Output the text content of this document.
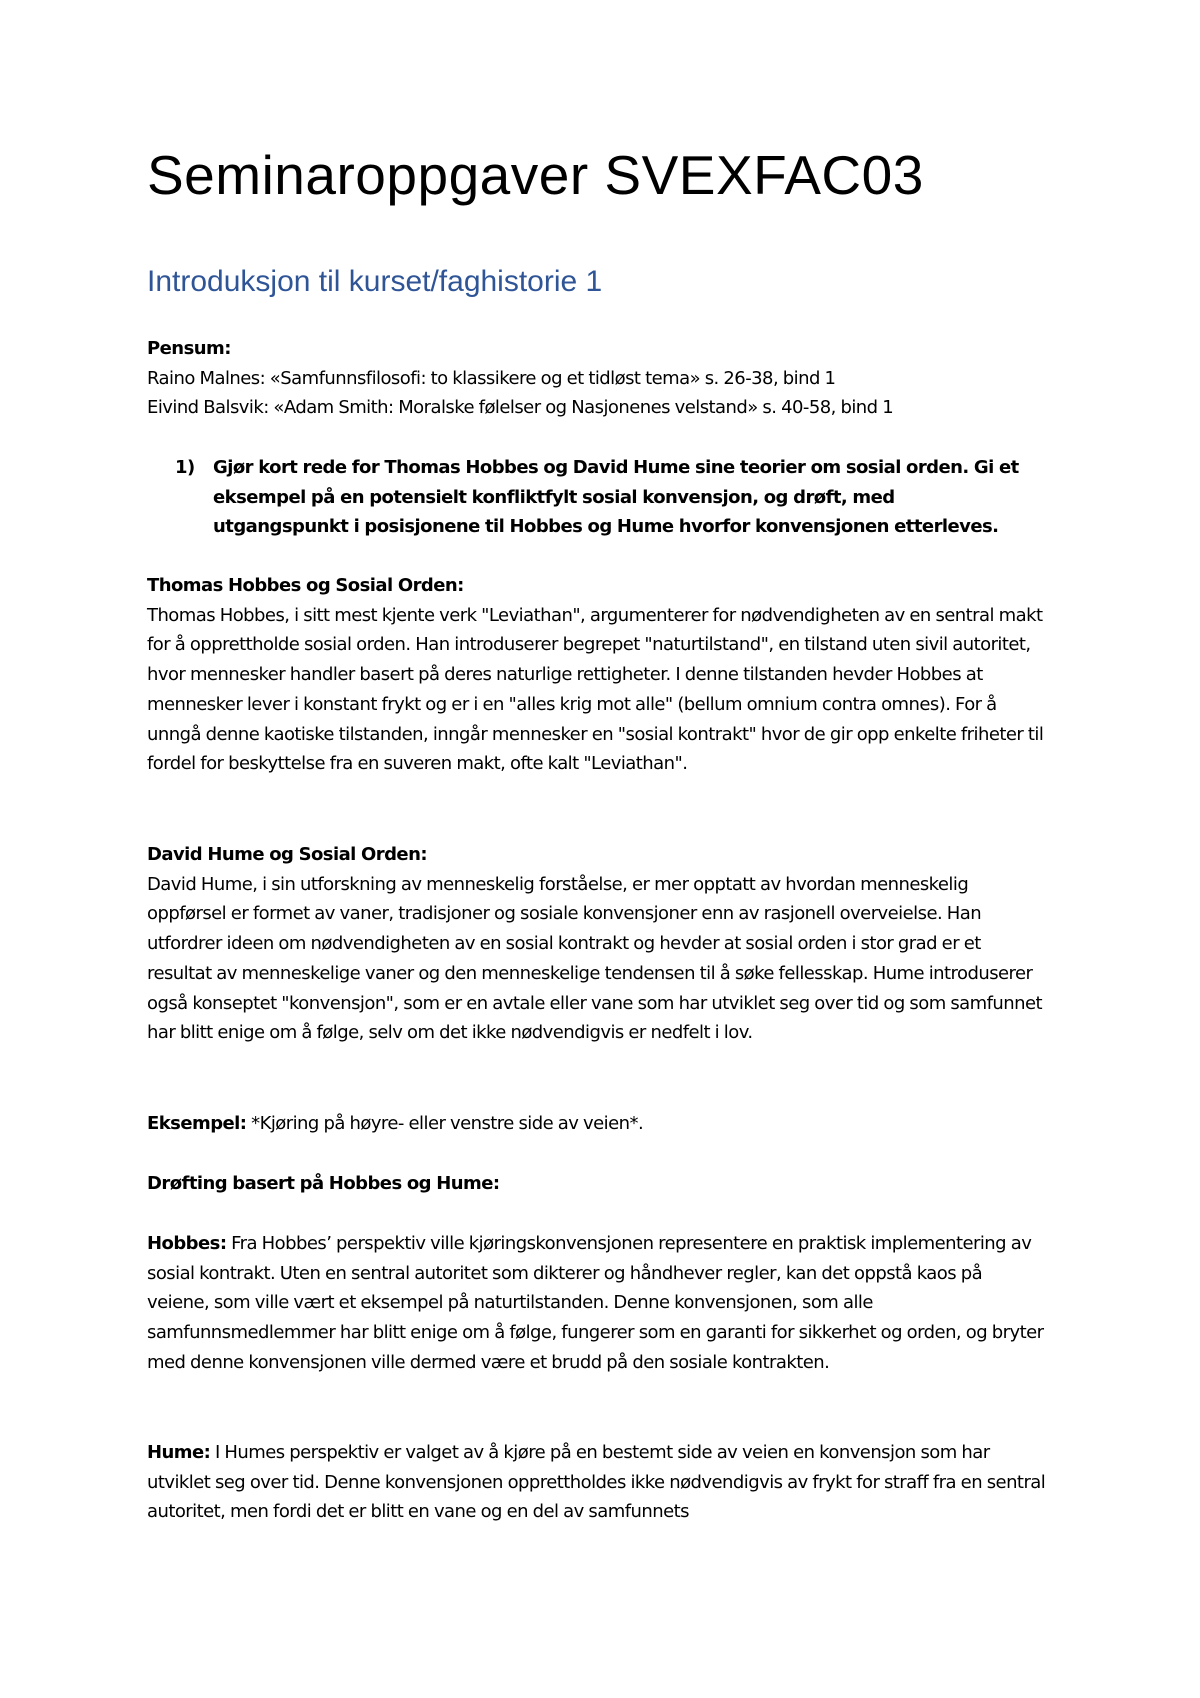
Seminaroppgaver SVEXFAC03
Introduksjon til kurset/faghistorie 1

Pensum:

Raino Malnes: «Samfunnsfilosofi: to klassikere og et tidløst tema» s. 26-38, bind 1

Eivind Balsvik: «Adam Smith: Moralske følelser og Nasjonenes velstand» s. 40-58, bind 1

1)	Gjør kort rede for Thomas Hobbes og David Hume sine teorier om sosial orden. Gi et eksempel på en potensielt konfliktfylt sosial konvensjon, og drøft, med utgangspunkt i posisjonene til Hobbes og Hume hvorfor konvensjonen etterleves.

Thomas Hobbes og Sosial Orden:

Thomas Hobbes, i sitt mest kjente verk "Leviathan", argumenterer for nødvendigheten av en sentral makt for å opprettholde sosial orden. Han introduserer begrepet "naturtilstand", en tilstand uten sivil autoritet, hvor mennesker handler basert på deres naturlige rettigheter. I denne tilstanden hevder Hobbes at mennesker lever i konstant frykt og er i en "alles krig mot alle" (bellum omnium contra omnes). For å unngå denne kaotiske tilstanden, inngår mennesker en "sosial kontrakt" hvor de gir opp enkelte friheter til fordel for beskyttelse fra en suveren makt, ofte kalt "Leviathan".

David Hume og Sosial Orden:

David Hume, i sin utforskning av menneskelig forståelse, er mer opptatt av hvordan menneskelig oppførsel er formet av vaner, tradisjoner og sosiale konvensjoner enn av rasjonell overveielse. Han utfordrer ideen om nødvendigheten av en sosial kontrakt og hevder at sosial orden i stor grad er et resultat av menneskelige vaner og den menneskelige tendensen til å søke fellesskap. Hume introduserer også konseptet "konvensjon", som er en avtale eller vane som har utviklet seg over tid og som samfunnet har blitt enige om å følge, selv om det ikke nødvendigvis er nedfelt i lov.

Eksempel: *Kjøring på høyre- eller venstre side av veien*.

Drøfting basert på Hobbes og Hume:

Hobbes: Fra Hobbes’ perspektiv ville kjøringskonvensjonen representere en praktisk implementering av sosial kontrakt. Uten en sentral autoritet som dikterer og håndhever regler, kan det oppstå kaos på veiene, som ville vært et eksempel på naturtilstanden. Denne konvensjonen, som alle samfunnsmedlemmer har blitt enige om å følge, fungerer som en garanti for sikkerhet og orden, og bryter med denne konvensjonen ville dermed være et brudd på den sosiale kontrakten.

Hume: I Humes perspektiv er valget av å kjøre på en bestemt side av veien en konvensjon som har utviklet seg over tid. Denne konvensjonen opprettholdes ikke nødvendigvis av frykt for straff fra en sentral autoritet, men fordi det er blitt en vane og en del av samfunnets
